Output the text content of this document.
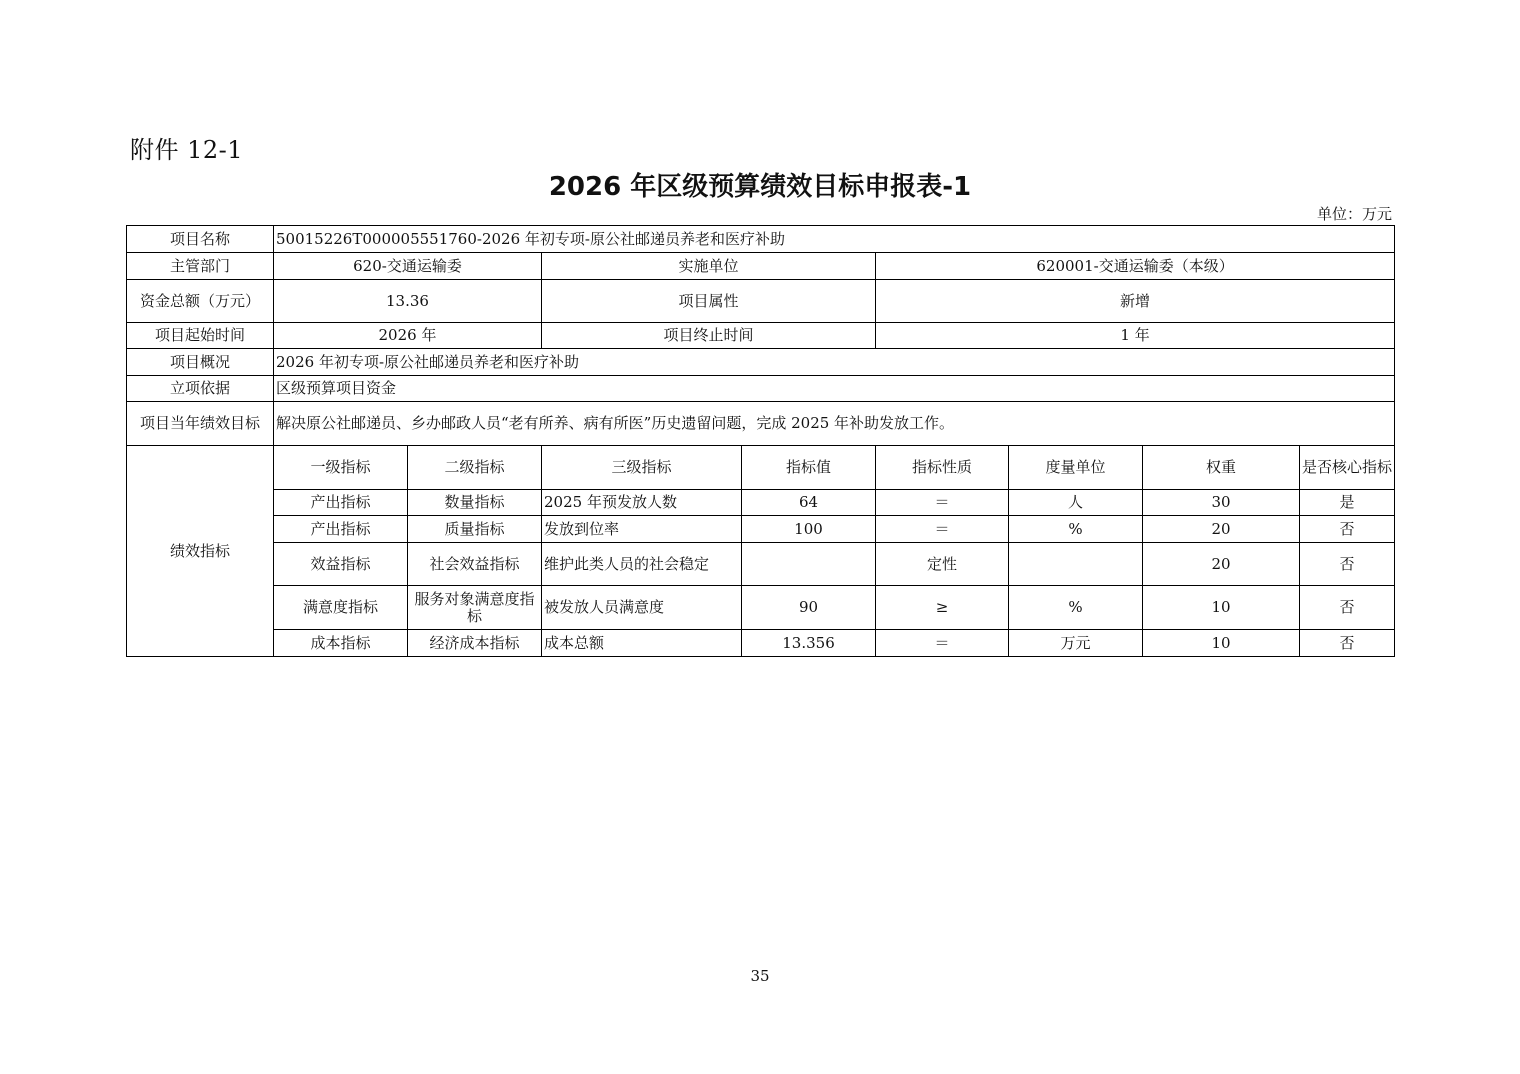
附件 12-1
2026 年区级预算绩效目标申报表-1
单位：万元
项目名称	50015226T000005551760-2026 年初专项-原公社邮递员养老和医疗补助							
主管部门	620-交通运输委		实施单位		620001-交通运输委（本级）			
资金总额（万元）	13.36		项目属性		新增			
项目起始时间	2026 年		项目终止时间		1 年			
项目概况	2026 年初专项-原公社邮递员养老和医疗补助							
立项依据	区级预算项目资金							
项目当年绩效目标	解决原公社邮递员、乡办邮政人员“老有所养、病有所医”历史遗留问题，完成 2025 年补助发放工作。							
绩效指标	一级指标	二级指标	三级指标	指标值	指标性质	度量单位	权重	是否核心指标
	产出指标	数量指标	2025 年预发放人数	64	＝	人	30	是
	产出指标	质量指标	发放到位率	100	＝	%	20	否
	效益指标	社会效益指标	维护此类人员的社会稳定		定性		20	否
	满意度指标	服务对象满意度指标	被发放人员满意度	90	≥	%	10	否
	成本指标	经济成本指标	成本总额	13.356	＝	万元	10	否
35
